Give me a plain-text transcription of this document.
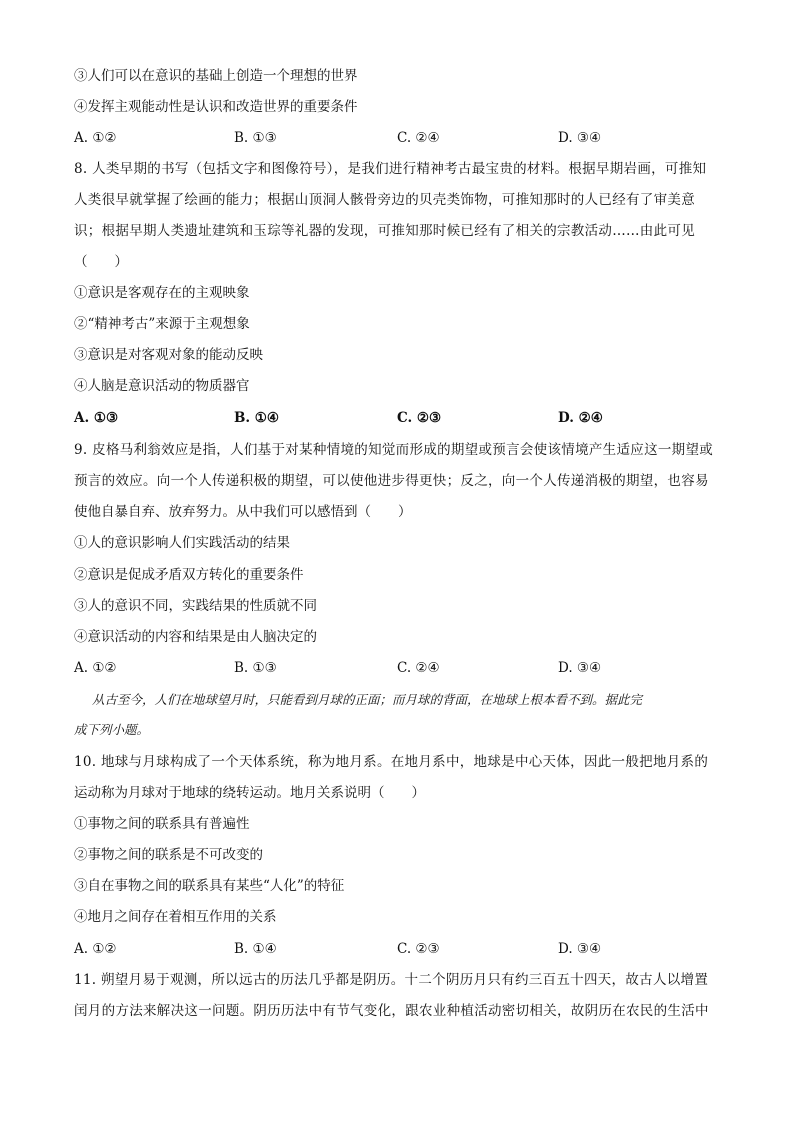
③人们可以在意识的基础上创造一个理想的世界
④发挥主观能动性是认识和改造世界的重要条件
A. ①②	B. ①③	C. ②④	D. ③④
8. 人类早期的书写（包括文字和图像符号），是我们进行精神考古最宝贵的材料。根据早期岩画，可推知
人类很早就掌握了绘画的能力；根据山顶洞人骸骨旁边的贝壳类饰物，可推知那时的人已经有了审美意
识；根据早期人类遗址建筑和玉琮等礼器的发现，可推知那时候已经有了相关的宗教活动……由此可见
（　　）
①意识是客观存在的主观映象
②“精神考古”来源于主观想象
③意识是对客观对象的能动反映
④人脑是意识活动的物质器官
A. ①③	B. ①④	C. ②③	D. ②④
9. 皮格马利翁效应是指，人们基于对某种情境的知觉而形成的期望或预言会使该情境产生适应这一期望或
预言的效应。向一个人传递积极的期望，可以使他进步得更快；反之，向一个人传递消极的期望，也容易
使他自暴自弃、放弃努力。从中我们可以感悟到（　　）
①人的意识影响人们实践活动的结果
②意识是促成矛盾双方转化的重要条件
③人的意识不同，实践结果的性质就不同
④意识活动的内容和结果是由人脑决定的
A. ①②	B. ①③	C. ②④	D. ③④
从古至今，人们在地球望月时，只能看到月球的正面；而月球的背面，在地球上根本看不到。据此完
成下列小题。
10. 地球与月球构成了一个天体系统，称为地月系。在地月系中，地球是中心天体，因此一般把地月系的
运动称为月球对于地球的绕转运动。地月关系说明（　　）
①事物之间的联系具有普遍性
②事物之间的联系是不可改变的
③自在事物之间的联系具有某些“人化”的特征
④地月之间存在着相互作用的关系
A. ①②	B. ①④	C. ②③	D. ③④
11. 朔望月易于观测，所以远古的历法几乎都是阴历。十二个阴历月只有约三百五十四天，故古人以增置
闰月的方法来解决这一问题。阴历历法中有节气变化，跟农业种植活动密切相关，故阴历在农民的生活中
